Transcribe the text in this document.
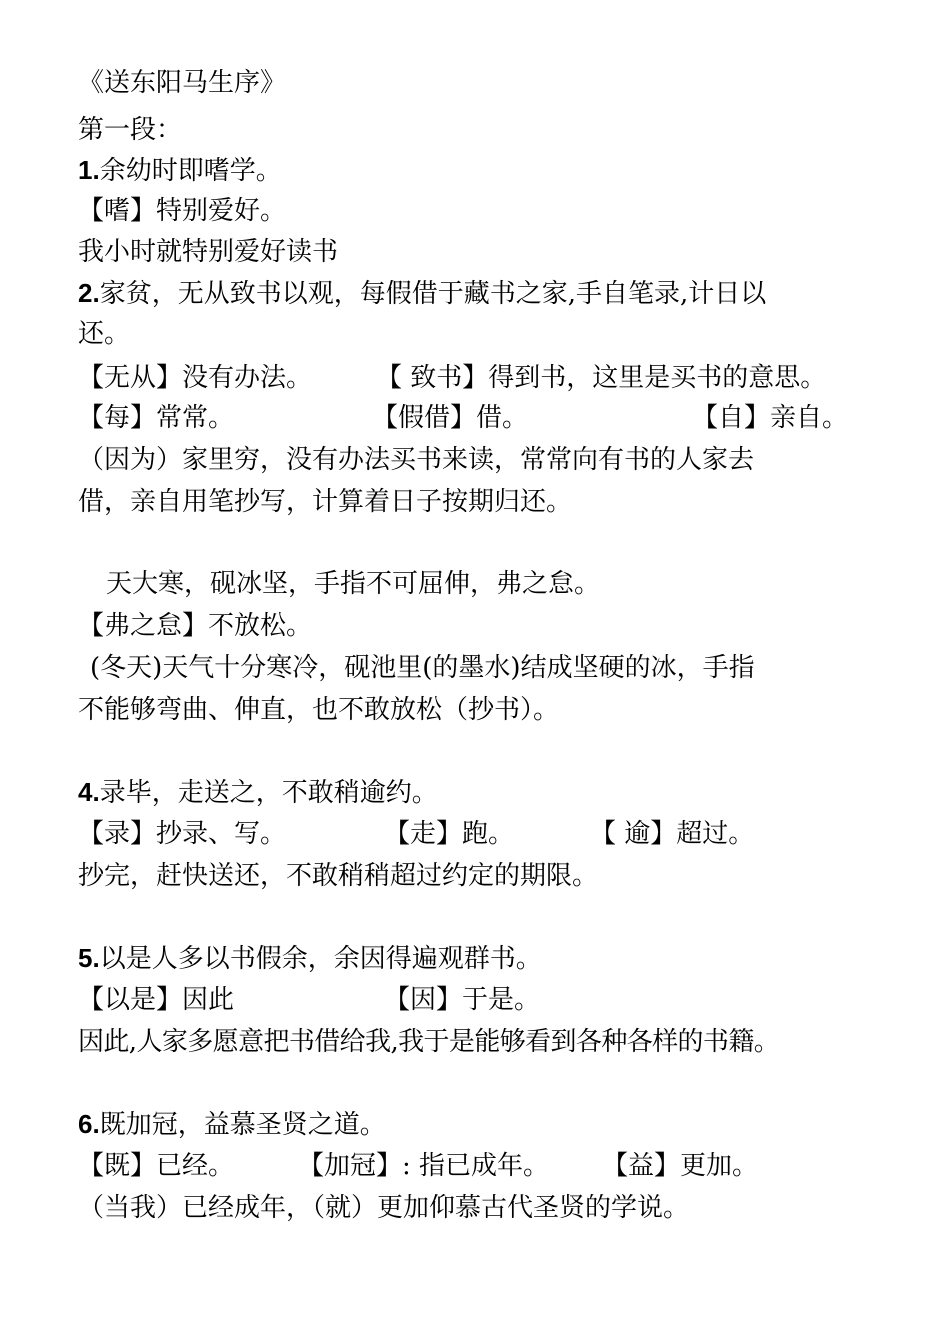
《送东阳马生序》
第一段：
1.余幼时即嗜学。
【嗜】特别爱好。
我小时就特别爱好读书
2.家贫，无从致书以观，每假借于藏书之家,手自笔录,计日以
还。
【无从】没有办法。 【 致书】得到书，这里是买书的意思。
【每】常常。	【假借】借。	【自】亲自。
（因为）家里穷，没有办法买书来读，常常向有书的人家去
借，亲自用笔抄写，计算着日子按期归还。
天大寒，砚冰坚，手指不可屈伸，弗之怠。
【弗之怠】不放松。
(冬天)天气十分寒冷，砚池里(的墨水)结成坚硬的冰，手指
不能够弯曲、伸直，也不敢放松（抄书）。
4.录毕，走送之，不敢稍逾约。
【录】抄录、写。	【走】跑。	【 逾】超过。
抄完，赶快送还，不敢稍稍超过约定的期限。
5.以是人多以书假余，余因得遍观群书。
【以是】因此	【因】于是。
因此,人家多愿意把书借给我,我于是能够看到各种各样的书籍。
6.既加冠，益慕圣贤之道。
【既】已经。 【加冠】: 指已成年。 【益】更加。
（当我）已经成年，（就）更加仰慕古代圣贤的学说。
